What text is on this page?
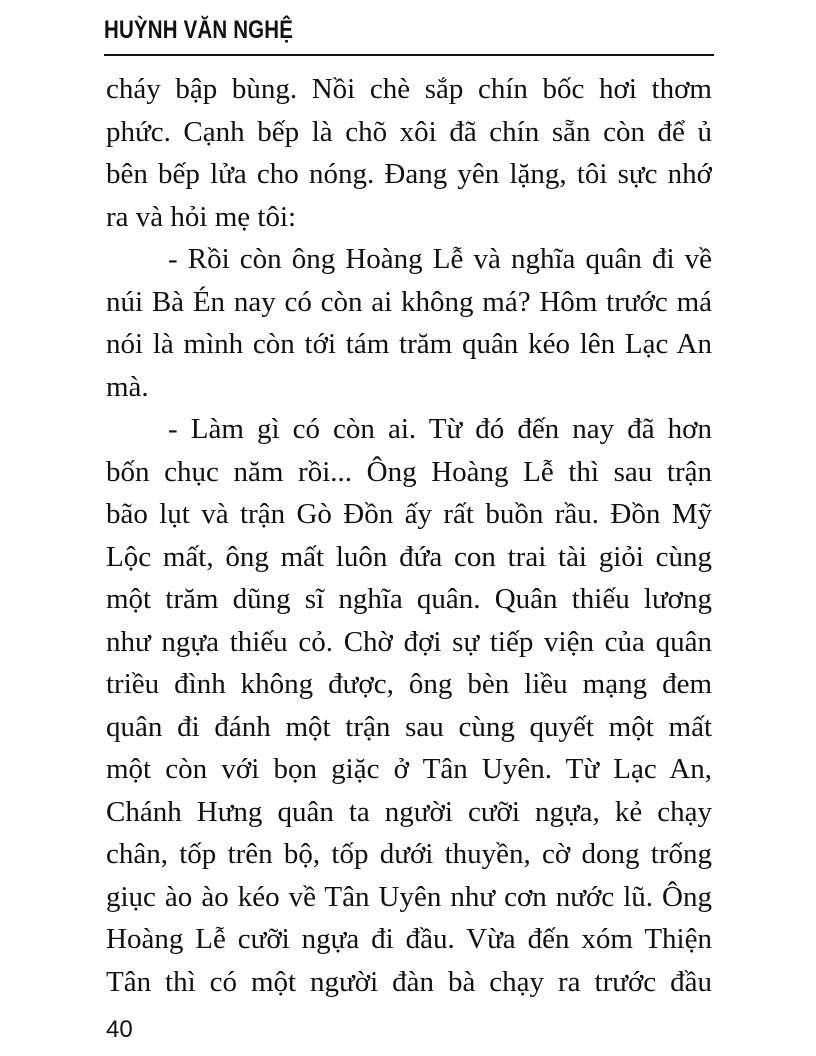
HUỲNH VĂN NGHỆ
cháy bập bùng. Nồi chè sắp chín bốc hơi thơm
phức. Cạnh bếp là chõ xôi đã chín sẵn còn để ủ
bên bếp lửa cho nóng. Đang yên lặng, tôi sực nhớ
ra và hỏi mẹ tôi:
- Rồi còn ông Hoàng Lễ và nghĩa quân đi về
núi Bà Én nay có còn ai không má? Hôm trước má
nói là mình còn tới tám trăm quân kéo lên Lạc An
mà.
- Làm gì có còn ai. Từ đó đến nay đã hơn
bốn chục năm rồi... Ông Hoàng Lễ thì sau trận
bão lụt và trận Gò Đồn ấy rất buồn rầu. Đồn Mỹ
Lộc mất, ông mất luôn đứa con trai tài giỏi cùng
một trăm dũng sĩ nghĩa quân. Quân thiếu lương
như ngựa thiếu cỏ. Chờ đợi sự tiếp viện của quân
triều đình không được, ông bèn liều mạng đem
quân đi đánh một trận sau cùng quyết một mất
một còn với bọn giặc ở Tân Uyên. Từ Lạc An,
Chánh Hưng quân ta người cưỡi ngựa, kẻ chạy
chân, tốp trên bộ, tốp dưới thuyền, cờ dong trống
giục ào ào kéo về Tân Uyên như cơn nước lũ. Ông
Hoàng Lễ cưỡi ngựa đi đầu. Vừa đến xóm Thiện
Tân thì có một người đàn bà chạy ra trước đầu
40
